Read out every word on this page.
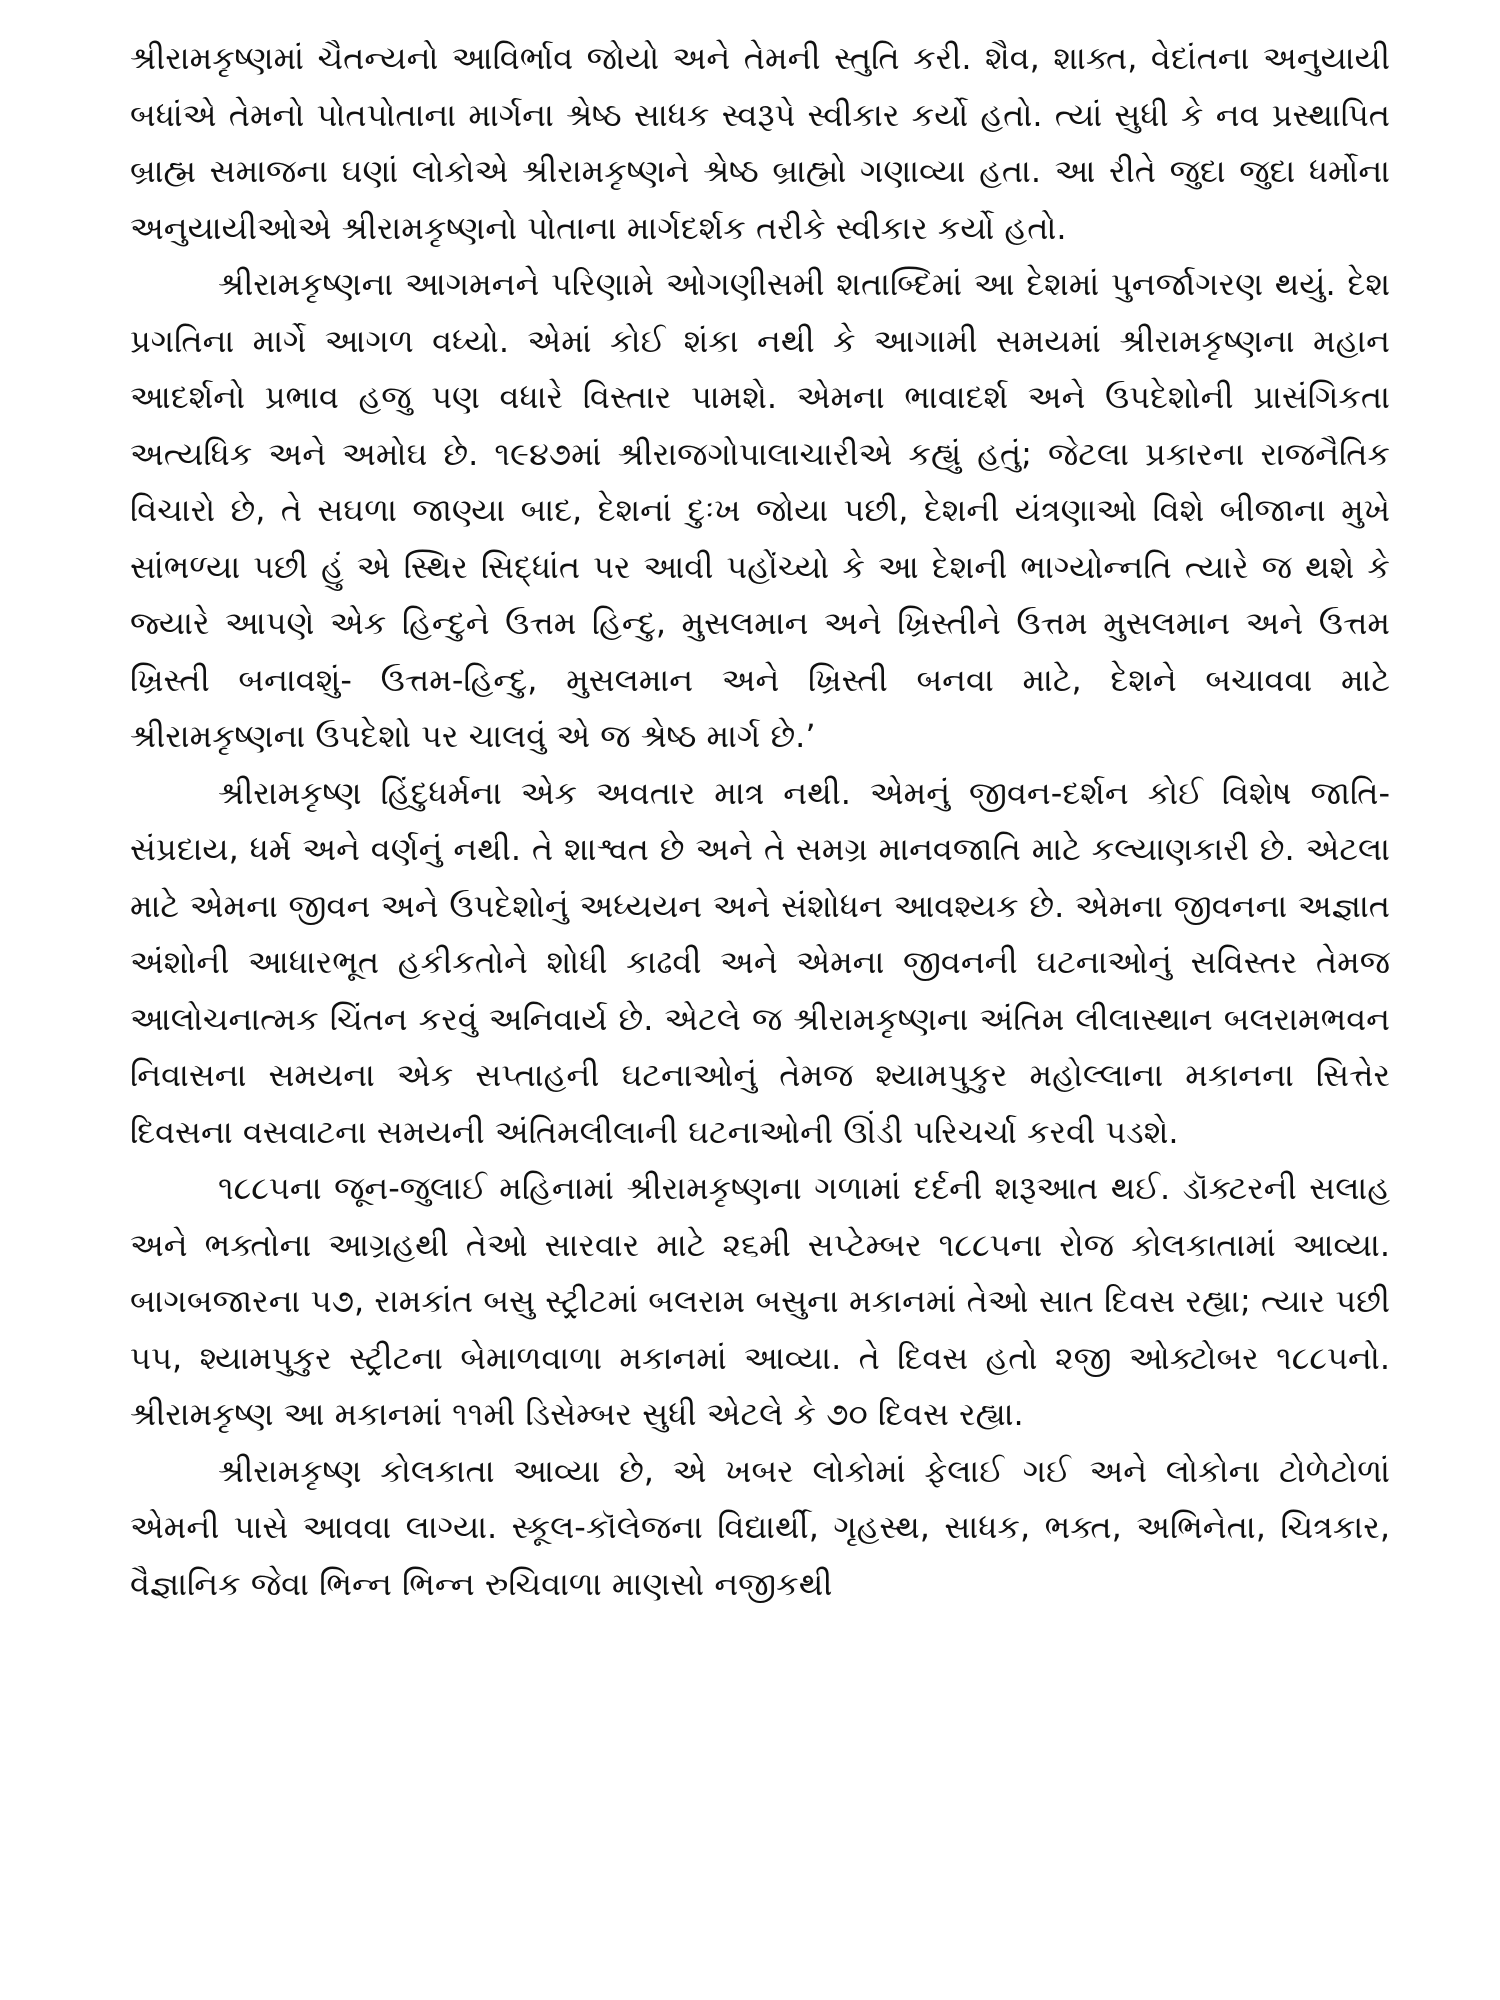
શ્રીરામકૃષ્ણમાં ચૈતન્યનો આવિર્ભાવ જોયો અને તેમની સ્તુતિ કરી. શૈવ, શાક્ત, વેદાંતના અનુયાયી બધાંએ તેમનો પોતપોતાના માર્ગના શ્રેષ્ઠ સાધક સ્વરૂપે સ્વીકાર કર્યો હતો. ત્યાં સુધી કે નવ પ્રસ્થાપિત બ્રાહ્મ સમાજના ઘણાં લોકોએ શ્રીરામકૃષ્ણને શ્રેષ્ઠ બ્રાહ્મો ગણાવ્યા હતા. આ રીતે જુદા જુદા ધર્મોના અનુયાયીઓએ શ્રીરામકૃષ્ણનો પોતાના માર્ગદર્શક તરીકે સ્વીકાર કર્યો હતો.

શ્રીરામકૃષ્ણના આગમનને પરિણામે ઓગણીસમી શતાબ્દિમાં આ દેશમાં પુનર્જાગરણ થયું. દેશ પ્રગતિના માર્ગે આગળ વધ્યો. એમાં કોઈ શંકા નથી કે આગામી સમયમાં શ્રીરામકૃષ્ણના મહાન આદર્શનો પ્રભાવ હજુ પણ વધારે વિસ્તાર પામશે. એમના ભાવાદર્શ અને ઉપદેશોની પ્રાસંગિકતા અત્યધિક અને અમોઘ છે. ૧૯૪૭માં શ્રીરાજગોપાલાચારીએ કહ્યું હતું; જેટલા પ્રકારના રાજનૈતિક વિચારો છે, તે સઘળા જાણ્યા બાદ, દેશનાં દુઃખ જોયા પછી, દેશની યંત્રણાઓ વિશે બીજાના મુખે સાંભળ્યા પછી હું એ સ્થિર સિદ્ધાંત પર આવી પહોંચ્યો કે આ દેશની ભાગ્યોન્નતિ ત્યારે જ થશે કે જ્યારે આપણે એક હિન્દુને ઉત્તમ હિન્દુ, મુસલમાન અને ખ્રિસ્તીને ઉત્તમ મુસલમાન અને ઉત્તમ ખ્રિસ્તી બનાવશું- ઉત્તમ-હિન્દુ, મુસલમાન અને ખ્રિસ્તી બનવા માટે, દેશને બચાવવા માટે શ્રીરામકૃષ્ણના ઉપદેશો પર ચાલવું એ જ શ્રેષ્ઠ માર્ગ છે.’

શ્રીરામકૃષ્ણ હિંદુધર્મના એક અવતાર માત્ર નથી. એમનું જીવન-દર્શન કોઈ વિશેષ જાતિ-સંપ્રદાય, ધર્મ અને વર્ણનું નથી. તે શાશ્વત છે અને તે સમગ્ર માનવજાતિ માટે કલ્યાણકારી છે. એટલા માટે એમના જીવન અને ઉપદેશોનું અધ્યયન અને સંશોધન આવશ્યક છે. એમના જીવનના અજ્ઞાત અંશોની આધારભૂત હકીકતોને શોધી કાઢવી અને એમના જીવનની ઘટનાઓનું સવિસ્તર તેમજ આલોચનાત્મક ચિંતન કરવું અનિવાર્ય છે. એટલે જ શ્રીરામકૃષ્ણના અંતિમ લીલાસ્થાન બલરામભવન નિવાસના સમયના એક સપ્તાહની ઘટનાઓનું તેમજ શ્યામપુકુર મહોલ્લાના મકાનના સિત્તેર દિવસના વસવાટના સમયની અંતિમલીલાની ઘટનાઓની ઊંડી પરિચર્ચા કરવી પડશે.

૧૮૮૫ના જૂન-જુલાઈ મહિનામાં શ્રીરામકૃષ્ણના ગળામાં દર્દની શરૂઆત થઈ. ડૉક્ટરની સલાહ અને ભક્તોના આગ્રહથી તેઓ સારવાર માટે ૨૬મી સપ્ટેમ્બર ૧૮૮૫ના રોજ કોલકાતામાં આવ્યા. બાગબજારના ૫૭, રામકાંત બસુ સ્ટ્રીટમાં બલરામ બસુના મકાનમાં તેઓ સાત દિવસ રહ્યા; ત્યાર પછી ૫૫, શ્યામપુકુર સ્ટ્રીટના બેમાળવાળા મકાનમાં આવ્યા. તે દિવસ હતો ૨જી ઓક્ટોબર ૧૮૮૫નો. શ્રીરામકૃષ્ણ આ મકાનમાં ૧૧મી ડિસેમ્બર સુધી એટલે કે ૭૦ દિવસ રહ્યા.

શ્રીરામકૃષ્ણ કોલકાતા આવ્યા છે, એ ખબર લોકોમાં ફેલાઈ ગઈ અને લોકોના ટોળેટોળાં એમની પાસે આવવા લાગ્યા. સ્કૂલ-કૉલેજના વિદ્યાર્થી, ગૃહસ્થ, સાધક, ભક્ત, અભિનેતા, ચિત્રકાર, વૈજ્ઞાનિક જેવા ભિન્ન ભિન્ન રુચિવાળા માણસો નજીકથી
